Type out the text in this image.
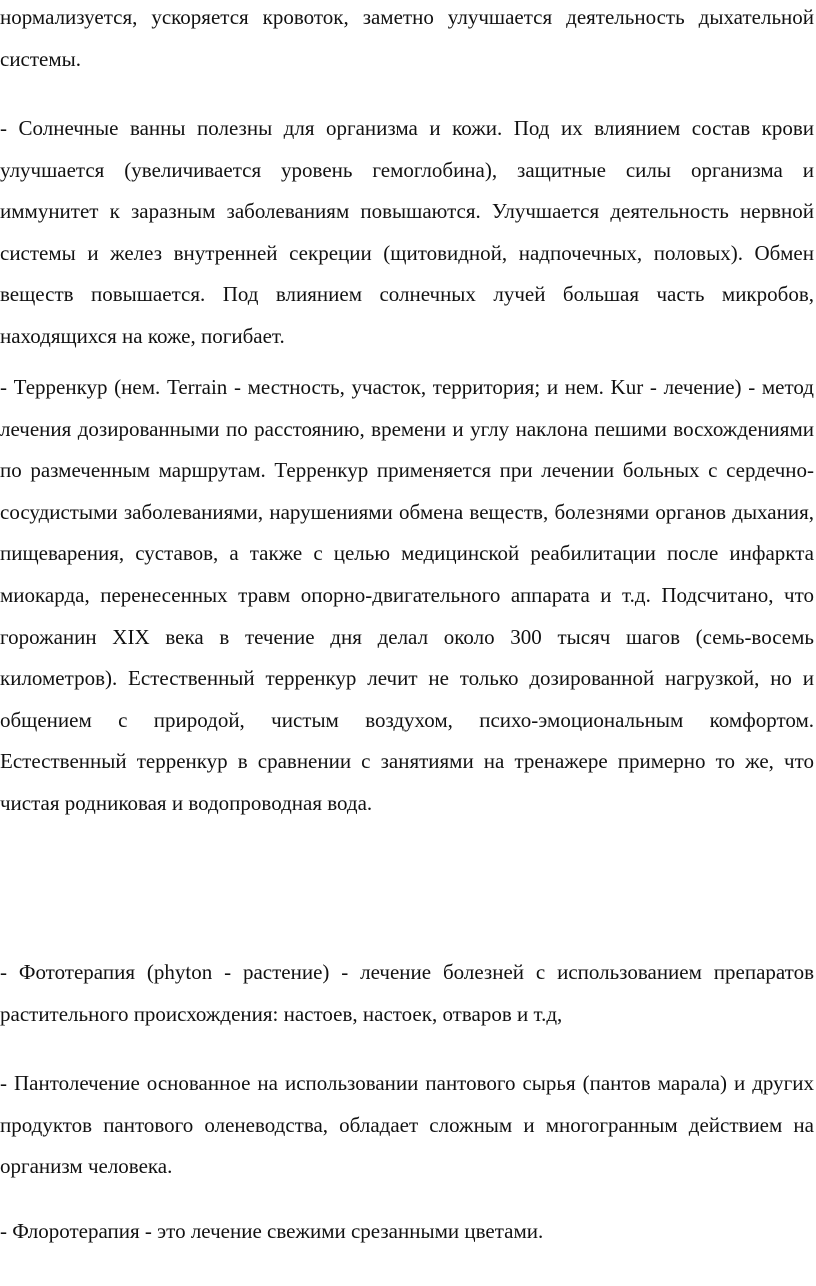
нормализуется, ускоряется кровоток, заметно улучшается деятельность дыхательной системы.

- Солнечные ванны полезны для организма и кожи. Под их влиянием состав крови улучшается (увеличивается уровень гемоглобина), защитные силы организма и иммунитет к заразным заболеваниям повышаются. Улучшается деятельность нервной системы и желез внутренней секреции (щитовидной, надпочечных, половых). Обмен веществ повышается. Под влиянием солнечных лучей большая часть микробов, находящихся на коже, погибает.

- Терренкур (нем. Terrain - местность, участок, территория; и нем. Kur - лечение) - метод лечения дозированными по расстоянию, времени и углу наклона пешими восхождениями по размеченным маршрутам. Терренкур применяется при лечении больных с сердечно-сосудистыми заболеваниями, нарушениями обмена веществ, болезнями органов дыхания, пищеварения, суставов, а также с целью медицинской реабилитации после инфаркта миокарда, перенесенных травм опорно-двигательного аппарата и т.д. Подсчитано, что горожанин XIX века в течение дня делал около 300 тысяч шагов (семь-восемь километров). Естественный терренкур лечит не только дозированной нагрузкой, но и общением с природой, чистым воздухом, психо-эмоциональным комфортом. Естественный терренкур в сравнении с занятиями на тренажере примерно то же, что чистая родниковая и водопроводная вода.

- Фототерапия (phyton - растение) - лечение болезней с использованием препаратов растительного происхождения: настоев, настоек, отваров и т.д,

- Пантолечение основанное на использовании пантового сырья (пантов марала) и других продуктов пантового оленеводства, обладает сложным и многогранным действием на организм человека.

- Флоротерапия - это лечение свежими срезанными цветами.
